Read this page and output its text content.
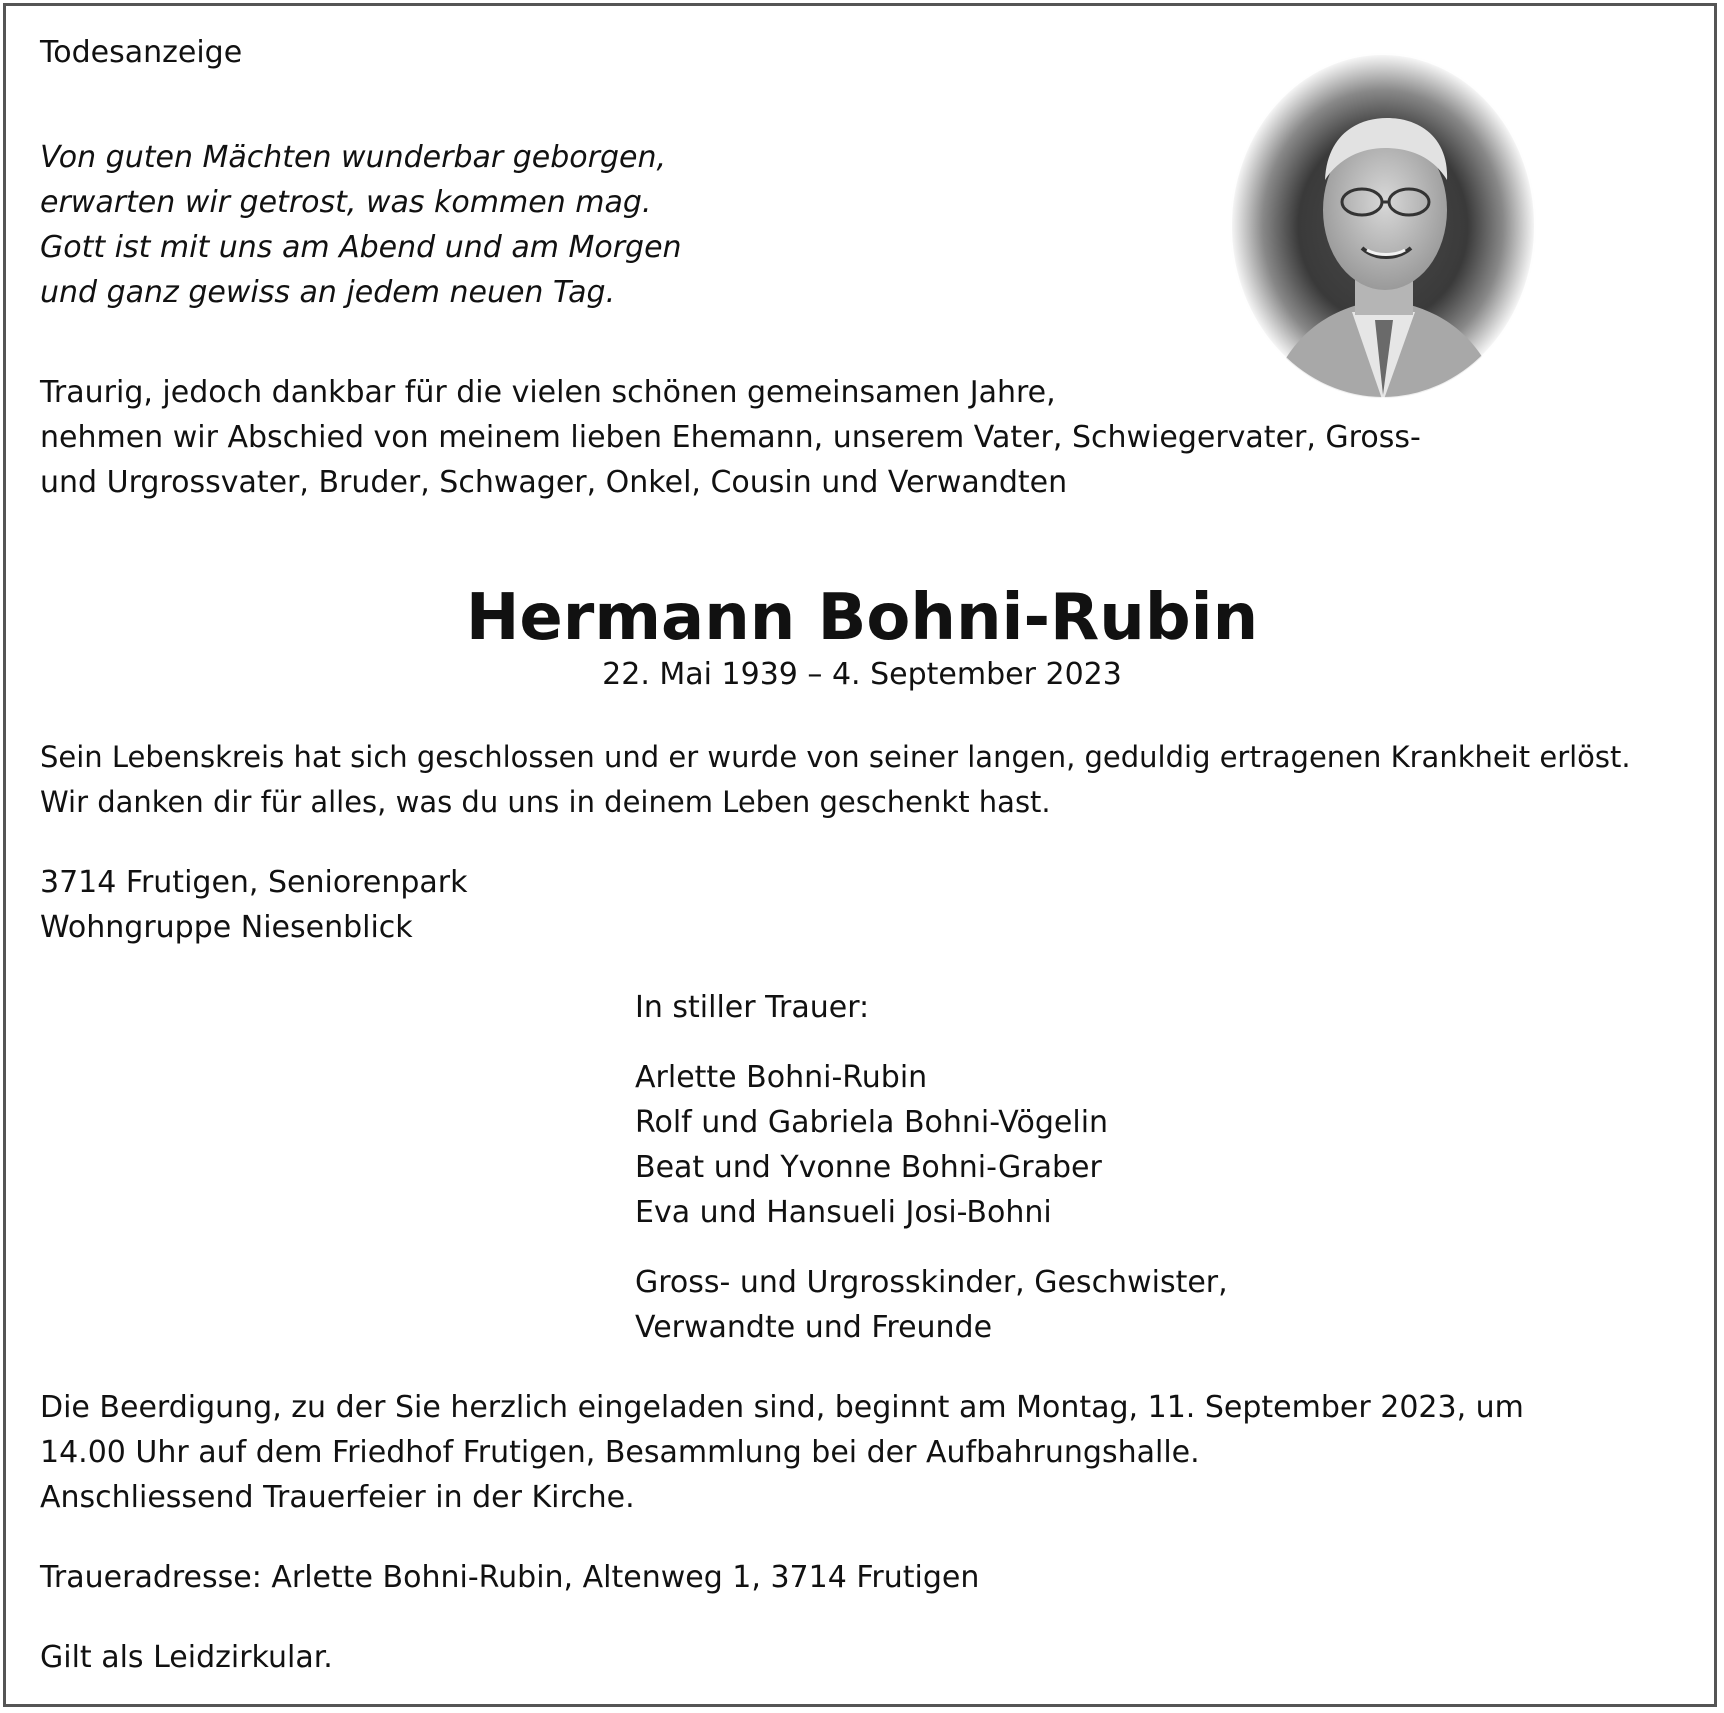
Todesanzeige

Von guten Mächten wunderbar geborgen,
erwarten wir getrost, was kommen mag.
Gott ist mit uns am Abend und am Morgen
und ganz gewiss an jedem neuen Tag.
Traurig, jedoch dankbar für die vielen schönen gemeinsamen Jahre,
nehmen wir Abschied von meinem lieben Ehemann, unserem Vater, Schwiegervater, Gross-
und Urgrossvater, Bruder, Schwager, Onkel, Cousin und Verwandten

Hermann Bohni-Rubin

22. Mai 1939 – 4. September 2023

Sein Lebenskreis hat sich geschlossen und er wurde von seiner langen, geduldig ertragenen Krankheit erlöst.
Wir danken dir für alles, was du uns in deinem Leben geschenkt hast.
3714 Frutigen, Seniorenpark
Wohngruppe Niesenblick

In stiller Trauer:

Arlette Bohni-Rubin
Rolf und Gabriela Bohni-Vögelin
Beat und Yvonne Bohni-Graber
Eva und Hansueli Josi-Bohni
Gross- und Urgrosskinder, Geschwister,
Verwandte und Freunde
Die Beerdigung, zu der Sie herzlich eingeladen sind, beginnt am Montag, 11. September 2023, um
14.00 Uhr auf dem Friedhof Frutigen, Besammlung bei der Aufbahrungshalle.
Anschliessend Trauerfeier in der Kirche.

Traueradresse: Arlette Bohni-Rubin, Altenweg 1, 3714 Frutigen

Gilt als Leidzirkular.
